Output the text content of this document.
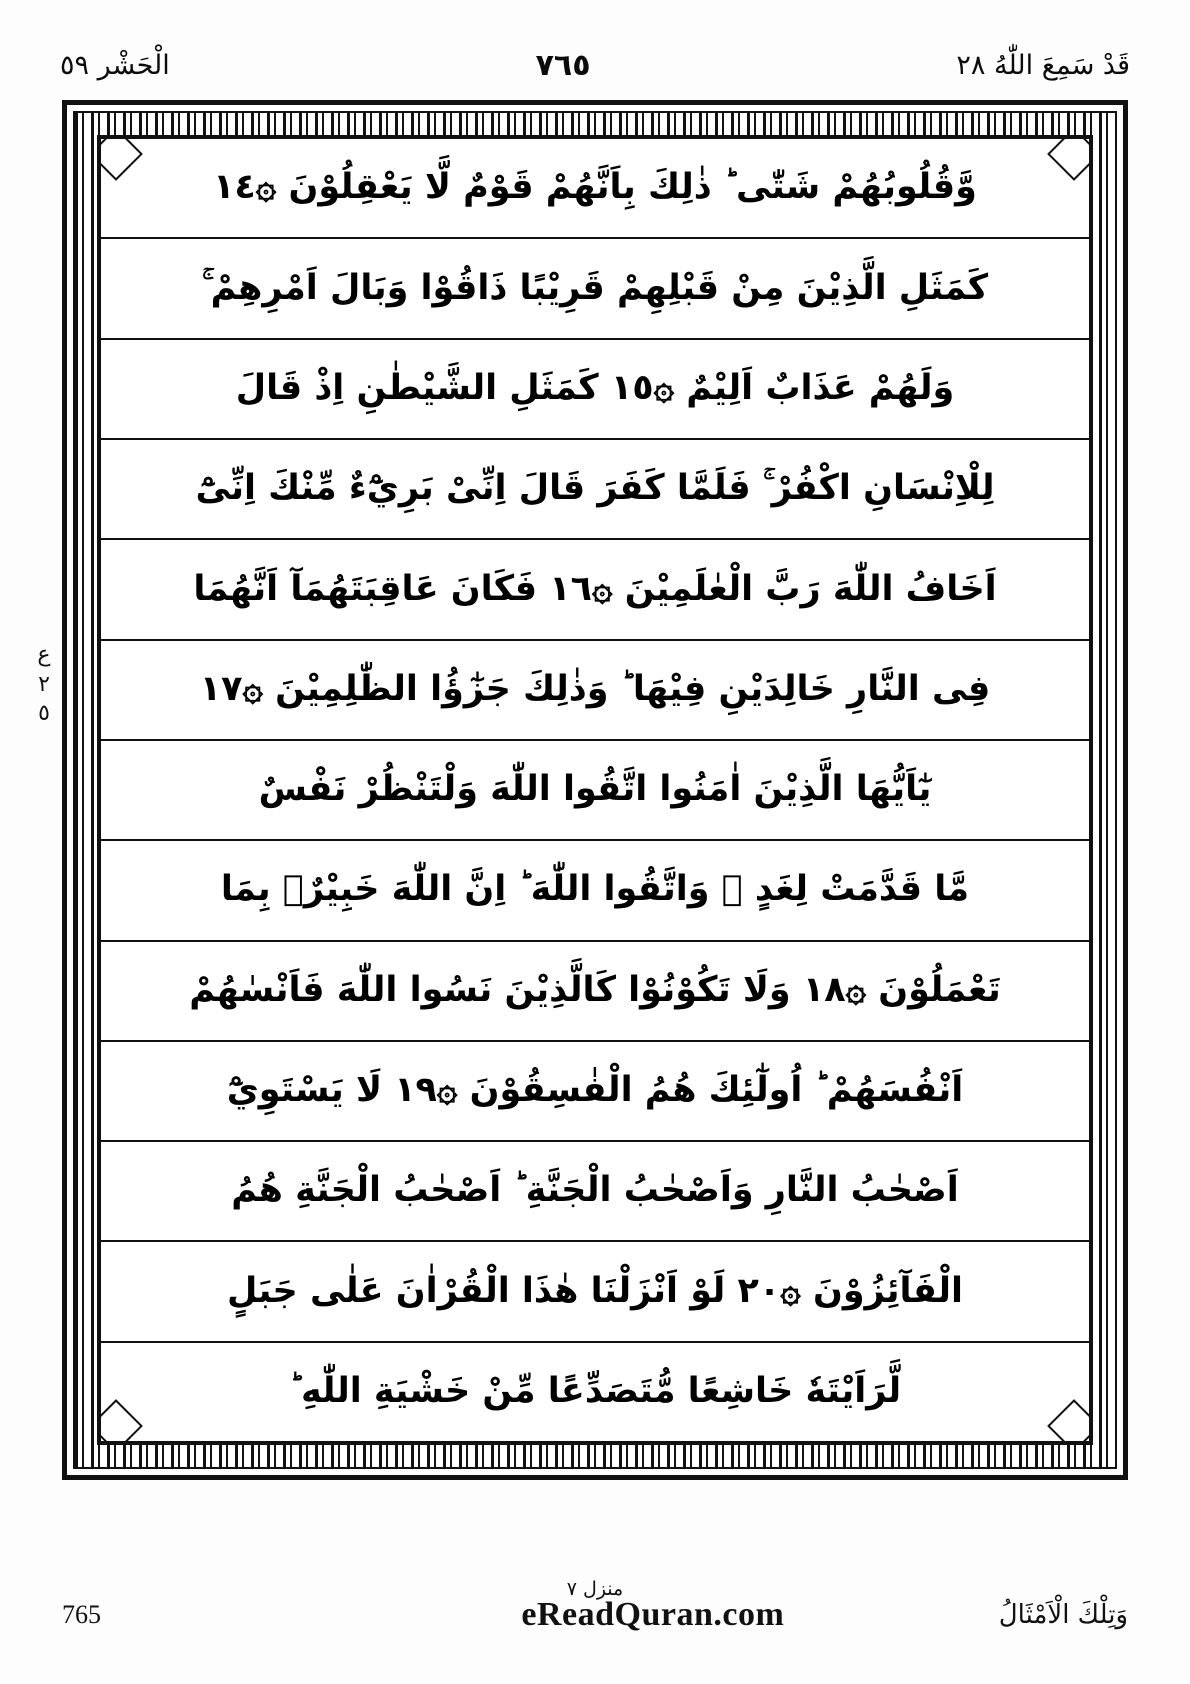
قَدْ سَمِعَ اللّٰهُ ٢٨
٧٦٥
الْحَشْر ٥٩
ع
٢
٥
وَّقُلُوبُهُمْ شَتّٰى ؕ ذٰلِكَ بِاَنَّهُمْ قَوْمٌ لَّا يَعْقِلُوْنَ ۞١٤
كَمَثَلِ الَّذِيْنَ مِنْ قَبْلِهِمْ قَرِيْبًا ذَاقُوْا وَبَالَ اَمْرِهِمْ ۚ
وَلَهُمْ عَذَابٌ اَلِيْمٌ ۞١٥ كَمَثَلِ الشَّيْطٰنِ اِذْ قَالَ
لِلْاِنْسَانِ اكْفُرْ ۚ فَلَمَّا كَفَرَ قَالَ اِنِّىْ بَرِيْٓءٌ مِّنْكَ اِنِّىْٓ
اَخَافُ اللّٰهَ رَبَّ الْعٰلَمِيْنَ ۞١٦ فَكَانَ عَاقِبَتَهُمَآ اَنَّهُمَا
فِى النَّارِ خَالِدَيْنِ فِيْهَا ؕ وَذٰلِكَ جَزٰٓؤُا الظّٰلِمِيْنَ ۞١٧
يٰٓاَيُّهَا الَّذِيْنَ اٰمَنُوا اتَّقُوا اللّٰهَ وَلْتَنْظُرْ نَفْسٌ
مَّا قَدَّمَتْ لِغَدٍ ۚ وَاتَّقُوا اللّٰهَ ؕ اِنَّ اللّٰهَ خَبِيْرٌۢ بِمَا
تَعْمَلُوْنَ ۞١٨ وَلَا تَكُوْنُوْا كَالَّذِيْنَ نَسُوا اللّٰهَ فَاَنْسٰهُمْ
اَنْفُسَهُمْ ؕ اُولٰٓئِكَ هُمُ الْفٰسِقُوْنَ ۞١٩ لَا يَسْتَوِيْٓ
اَصْحٰبُ النَّارِ وَاَصْحٰبُ الْجَنَّةِ ؕ اَصْحٰبُ الْجَنَّةِ هُمُ
الْفَآئِزُوْنَ ۞٢٠ لَوْ اَنْزَلْنَا هٰذَا الْقُرْاٰنَ عَلٰى جَبَلٍ
لَّرَاَيْتَهٗ خَاشِعًا مُّتَصَدِّعًا مِّنْ خَشْيَةِ اللّٰهِ ؕ
765	eReadQuran.com
منزل ٧
وَتِلْكَ الْاَمْثَالُ
